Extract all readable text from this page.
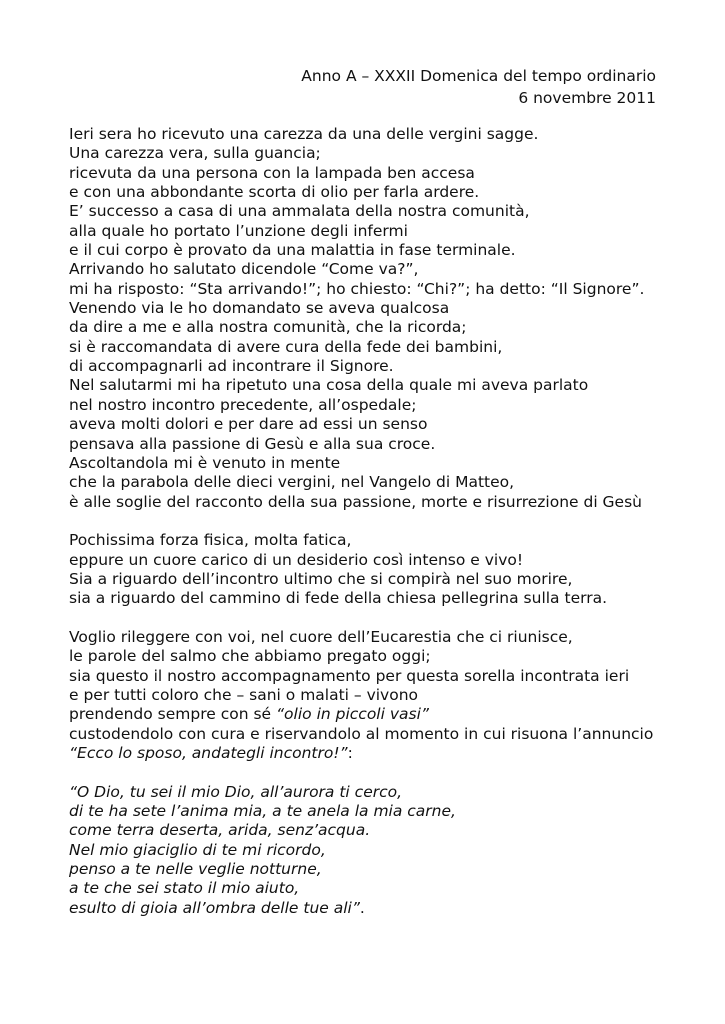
Anno A – XXXII Domenica del tempo ordinario
6 novembre 2011
Ieri sera ho ricevuto una carezza da una delle vergini sagge.
Una carezza vera, sulla guancia;
ricevuta da una persona con la lampada ben accesa
e con una abbondante scorta di olio per farla ardere.
E’ successo a casa di una ammalata della nostra comunità,
alla quale ho portato l’unzione degli infermi
e il cui corpo è provato da una malattia in fase terminale.
Arrivando ho salutato dicendole “Come va?”,
mi ha risposto: “Sta arrivando!”; ho chiesto: “Chi?”; ha detto: “Il Signore”.
Venendo via le ho domandato se aveva qualcosa
da dire a me e alla nostra comunità, che la ricorda;
si è raccomandata di avere cura della fede dei bambini,
di accompagnarli ad incontrare il Signore.
Nel salutarmi mi ha ripetuto una cosa della quale mi aveva parlato
nel nostro incontro precedente, all’ospedale;
aveva molti dolori e per dare ad essi un senso
pensava alla passione di Gesù e alla sua croce.
Ascoltandola mi è venuto in mente
che la parabola delle dieci vergini, nel Vangelo di Matteo,
è alle soglie del racconto della sua passione, morte e risurrezione di Gesù
Pochissima forza fisica, molta fatica,
eppure un cuore carico di un desiderio così intenso e vivo!
Sia a riguardo dell’incontro ultimo che si compirà nel suo morire,
sia a riguardo del cammino di fede della chiesa pellegrina sulla terra.
Voglio rileggere con voi, nel cuore dell’Eucarestia che ci riunisce,
le parole del salmo che abbiamo pregato oggi;
sia questo il nostro accompagnamento per questa sorella incontrata ieri
e per tutti coloro che – sani o malati – vivono
prendendo sempre con sé “olio in piccoli vasi”
custodendolo con cura e riservandolo al momento in cui risuona l’annuncio
“Ecco lo sposo, andategli incontro!”:
“O Dio, tu sei il mio Dio, all’aurora ti cerco,
di te ha sete l’anima mia, a te anela la mia carne,
come terra deserta, arida, senz’acqua.
Nel mio giaciglio di te mi ricordo,
penso a te nelle veglie notturne,
a te che sei stato il mio aiuto,
esulto di gioia all’ombra delle tue ali”.
